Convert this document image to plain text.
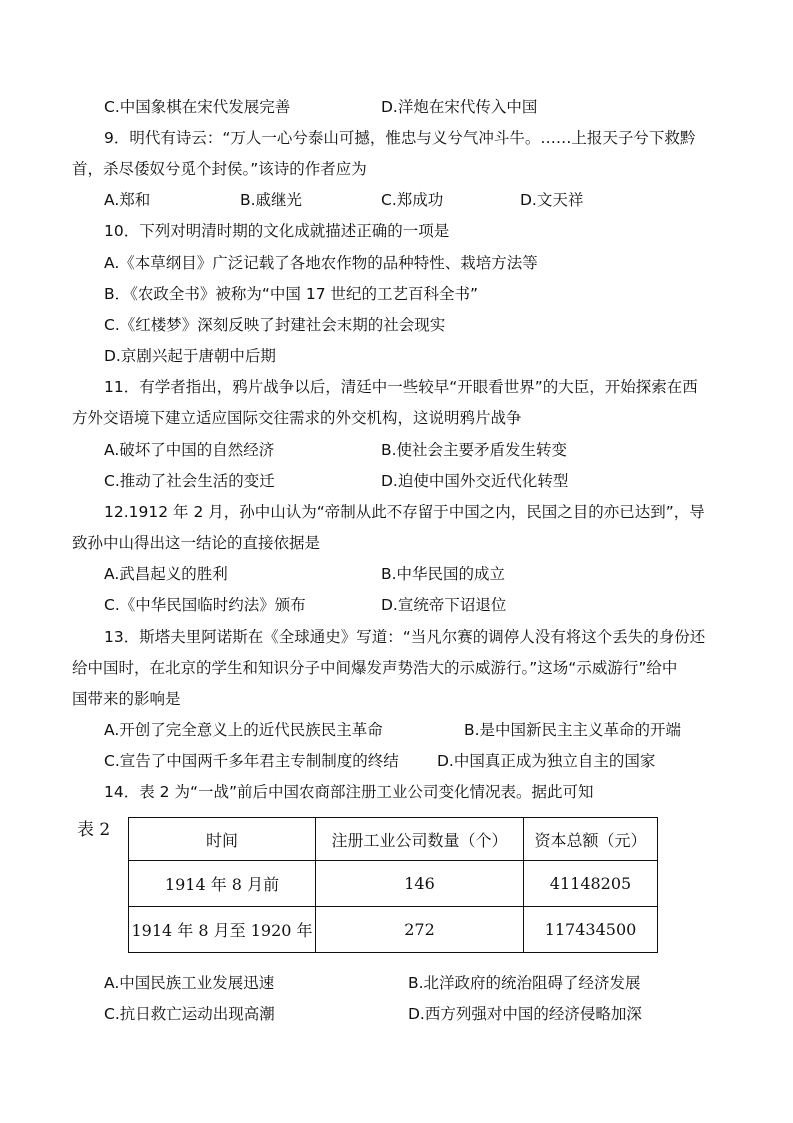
C.中国象棋在宋代发展完善	D.洋炮在宋代传入中国
9．明代有诗云：“万人一心兮泰山可撼，惟忠与义兮气冲斗牛。……上报天子兮下救黔
首，杀尽倭奴兮觅个封侯。”该诗的作者应为
A.郑和	B.戚继光	C.郑成功	D.文天祥
10．下列对明清时期的文化成就描述正确的一项是
A.《本草纲目》广泛记载了各地农作物的品种特性、栽培方法等
B．《农政全书》被称为“中国 17 世纪的工艺百科全书”
C.《红楼梦》深刻反映了封建社会末期的社会现实
D.京剧兴起于唐朝中后期
11．有学者指出，鸦片战争以后，清廷中一些较早“开眼看世界”的大臣，开始探索在西
方外交语境下建立适应国际交往需求的外交机构，这说明鸦片战争
A.破坏了中国的自然经济	B.使社会主要矛盾发生转变
C.推动了社会生活的变迁	D.迫使中国外交近代化转型
12.1912 年 2 月，孙中山认为“帝制从此不存留于中国之内，民国之目的亦已达到”，导
致孙中山得出这一结论的直接依据是
A.武昌起义的胜利	B.中华民国的成立
C.《中华民国临时约法》颁布	D.宣统帝下诏退位
13．斯塔夫里阿诺斯在《全球通史》写道：“当凡尔赛的调停人没有将这个丢失的身份还
给中国时，在北京的学生和知识分子中间爆发声势浩大的示威游行。”这场“示威游行”给中
国带来的影响是
A.开创了完全意义上的近代民族民主革命	B.是中国新民主主义革命的开端
C.宣告了中国两千多年君主专制制度的终结 D.中国真正成为独立自主的国家
14．表 2 为“一战”前后中国农商部注册工业公司变化情况表。据此可知
表 2	时间	注册工业公司数量（个）	资本总额（元）
1914 年 8 月前	146	41148205
1914 年 8 月至 1920 年	272	117434500
A.中国民族工业发展迅速	B.北洋政府的统治阻碍了经济发展
C.抗日救亡运动出现高潮	D.西方列强对中国的经济侵略加深
